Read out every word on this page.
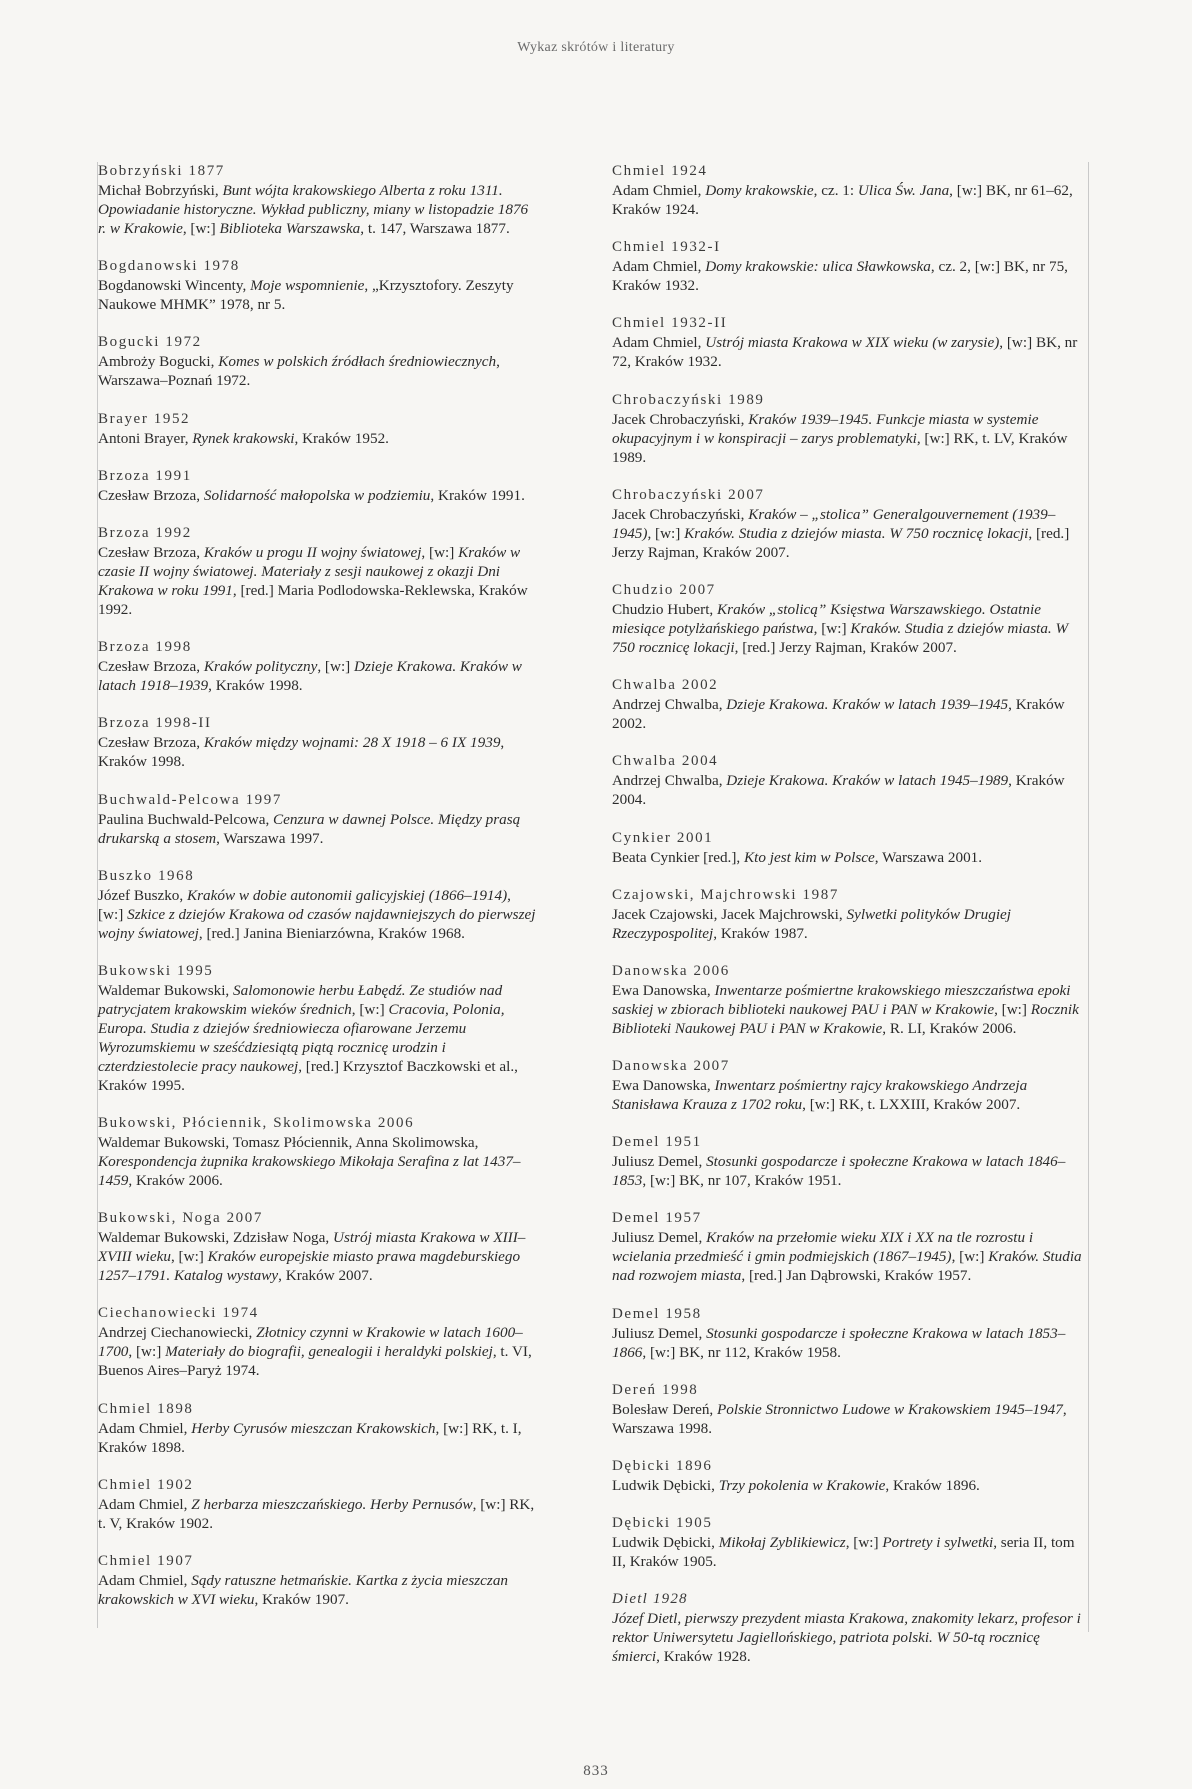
Wykaz skrótów i literatury
Bobrzyński 1877
Michał Bobrzyński, Bunt wójta krakowskiego Alberta z roku 1311. Opowiadanie historyczne. Wykład publiczny, miany w listopadzie 1876 r. w Krakowie, [w:] Biblioteka Warszawska, t. 147, Warszawa 1877.
Bogdanowski 1978
Bogdanowski Wincenty, Moje wspomnienie, „Krzysztofory. Zeszyty Naukowe MHMK” 1978, nr 5.
Bogucki 1972
Ambroży Bogucki, Komes w polskich źródłach średniowiecznych, Warszawa–Poznań 1972.
Brayer 1952
Antoni Brayer, Rynek krakowski, Kraków 1952.
Brzoza 1991
Czesław Brzoza, Solidarność małopolska w podziemiu, Kraków 1991.
Brzoza 1992
Czesław Brzoza, Kraków u progu II wojny światowej, [w:] Kraków w czasie II wojny światowej. Materiały z sesji naukowej z okazji Dni Krakowa w roku 1991, [red.] Maria Podlodowska-Reklewska, Kraków 1992.
Brzoza 1998
Czesław Brzoza, Kraków polityczny, [w:] Dzieje Krakowa. Kraków w latach 1918–1939, Kraków 1998.
Brzoza 1998-II
Czesław Brzoza, Kraków między wojnami: 28 X 1918 – 6 IX 1939, Kraków 1998.
Buchwald-Pelcowa 1997
Paulina Buchwald-Pelcowa, Cenzura w dawnej Polsce. Między prasą drukarską a stosem, Warszawa 1997.
Buszko 1968
Józef Buszko, Kraków w dobie autonomii galicyjskiej (1866–1914), [w:] Szkice z dziejów Krakowa od czasów najdawniejszych do pierwszej wojny światowej, [red.] Janina Bieniarzówna, Kraków 1968.
Bukowski 1995
Waldemar Bukowski, Salomonowie herbu Łabędź. Ze studiów nad patrycjatem krakowskim wieków średnich, [w:] Cracovia, Polonia, Europa. Studia z dziejów średniowiecza ofiarowane Jerzemu Wyrozumskiemu w sześćdziesiątą piątą rocznicę urodzin i czterdziestolecie pracy naukowej, [red.] Krzysztof Baczkowski et al., Kraków 1995.
Bukowski, Płóciennik, Skolimowska 2006
Waldemar Bukowski, Tomasz Płóciennik, Anna Skolimowska, Korespondencja żupnika krakowskiego Mikołaja Serafina z lat 1437–1459, Kraków 2006.
Bukowski, Noga 2007
Waldemar Bukowski, Zdzisław Noga, Ustrój miasta Krakowa w XIII–XVIII wieku, [w:] Kraków europejskie miasto prawa magdeburskiego 1257–1791. Katalog wystawy, Kraków 2007.
Ciechanowiecki 1974
Andrzej Ciechanowiecki, Złotnicy czynni w Krakowie w latach 1600–1700, [w:] Materiały do biografii, genealogii i heraldyki polskiej, t. VI, Buenos Aires–Paryż 1974.
Chmiel 1898
Adam Chmiel, Herby Cyrusów mieszczan Krakowskich, [w:] RK, t. I, Kraków 1898.
Chmiel 1902
Adam Chmiel, Z herbarza mieszczańskiego. Herby Pernusów, [w:] RK, t. V, Kraków 1902.
Chmiel 1907
Adam Chmiel, Sądy ratuszne hetmańskie. Kartka z życia mieszczan krakowskich w XVI wieku, Kraków 1907.
Chmiel 1924
Adam Chmiel, Domy krakowskie, cz. 1: Ulica Św. Jana, [w:] BK, nr 61–62, Kraków 1924.
Chmiel 1932-I
Adam Chmiel, Domy krakowskie: ulica Sławkowska, cz. 2, [w:] BK, nr 75, Kraków 1932.
Chmiel 1932-II
Adam Chmiel, Ustrój miasta Krakowa w XIX wieku (w zarysie), [w:] BK, nr 72, Kraków 1932.
Chrobaczyński 1989
Jacek Chrobaczyński, Kraków 1939–1945. Funkcje miasta w systemie okupacyjnym i w konspiracji – zarys problematyki, [w:] RK, t. LV, Kraków 1989.
Chrobaczyński 2007
Jacek Chrobaczyński, Kraków – „stolica” Generalgouvernement (1939–1945), [w:] Kraków. Studia z dziejów miasta. W 750 rocznicę lokacji, [red.] Jerzy Rajman, Kraków 2007.
Chudzio 2007
Chudzio Hubert, Kraków „stolicą” Księstwa Warszawskiego. Ostatnie miesiące potylżańskiego państwa, [w:] Kraków. Studia z dziejów miasta. W 750 rocznicę lokacji, [red.] Jerzy Rajman, Kraków 2007.
Chwalba 2002
Andrzej Chwalba, Dzieje Krakowa. Kraków w latach 1939–1945, Kraków 2002.
Chwalba 2004
Andrzej Chwalba, Dzieje Krakowa. Kraków w latach 1945–1989, Kraków 2004.
Cynkier 2001
Beata Cynkier [red.], Kto jest kim w Polsce, Warszawa 2001.
Czajowski, Majchrowski 1987
Jacek Czajowski, Jacek Majchrowski, Sylwetki polityków Drugiej Rzeczypospolitej, Kraków 1987.
Danowska 2006
Ewa Danowska, Inwentarze pośmiertne krakowskiego mieszczaństwa epoki saskiej w zbiorach biblioteki naukowej PAU i PAN w Krakowie, [w:] Rocznik Biblioteki Naukowej PAU i PAN w Krakowie, R. LI, Kraków 2006.
Danowska 2007
Ewa Danowska, Inwentarz pośmiertny rajcy krakowskiego Andrzeja Stanisława Krauza z 1702 roku, [w:] RK, t. LXXIII, Kraków 2007.
Demel 1951
Juliusz Demel, Stosunki gospodarcze i społeczne Krakowa w latach 1846–1853, [w:] BK, nr 107, Kraków 1951.
Demel 1957
Juliusz Demel, Kraków na przełomie wieku XIX i XX na tle rozrostu i wcielania przedmieść i gmin podmiejskich (1867–1945), [w:] Kraków. Studia nad rozwojem miasta, [red.] Jan Dąbrowski, Kraków 1957.
Demel 1958
Juliusz Demel, Stosunki gospodarcze i społeczne Krakowa w latach 1853–1866, [w:] BK, nr 112, Kraków 1958.
Dereń 1998
Bolesław Dereń, Polskie Stronnictwo Ludowe w Krakowskiem 1945–1947, Warszawa 1998.
Dębicki 1896
Ludwik Dębicki, Trzy pokolenia w Krakowie, Kraków 1896.
Dębicki 1905
Ludwik Dębicki, Mikołaj Zyblikiewicz, [w:] Portrety i sylwetki, seria II, tom II, Kraków 1905.
Dietl 1928
Józef Dietl, pierwszy prezydent miasta Krakowa, znakomity lekarz, profesor i rektor Uniwersytetu Jagiellońskiego, patriota polski. W 50-tą rocznicę śmierci, Kraków 1928.
833
